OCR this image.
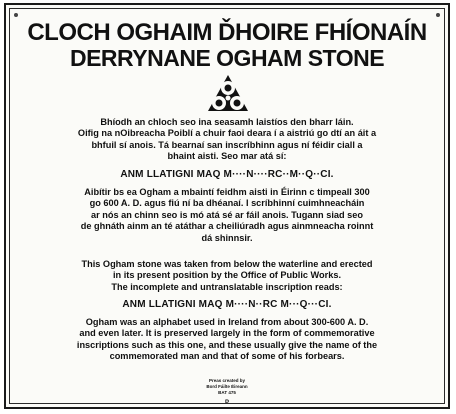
CLOCH OGHAIM ĎHOIRE FHÍONAÍN
DERRYNANE OGHAM STONE
Bhíodh an chloch seo ina seasamh laistíos den bharr láin.
Oifig na nOibreacha Poiblí a chuir faoi deara í a aistriú go dtí an áit a
bhfuil sí anois. Tá bearnaí san inscríbhinn agus ní féidir ciall a
bhaint aisti. Seo mar atá sí:
ANM LLATIGNI MAQ M····N····RC··M··Q··CI.
Aibítir bs ea Ogham a mbaintí feidhm aisti in Éirinn c timpeall 300
go 600 A. D. agus fiú ní ba dhéanaí. I scríbhinní cuimhneacháin
ar nós an chinn seo is mó atá sé ar fáil anois. Tugann siad seo
de ghnáth ainm an té atáthar a cheiliúradh agus ainmneacha roinnt
dá shinnsir.
This Ogham stone was taken from below the waterline and erected
in its present position by the Office of Public Works.
The incomplete and untranslatable inscription reads:
ANM LLATIGNI MAQ M····N··RC M···Q···CI.
Ogham was an alphabet used in Ireland from about 300-600 A. D.
and even later. It is preserved largely in the form of commemorative
inscriptions such as this one, and these usually give the name of the
commemorated man and that of some of his forbears.
Preas created by
Bord Fáilte Éireann
BAT 475
P
